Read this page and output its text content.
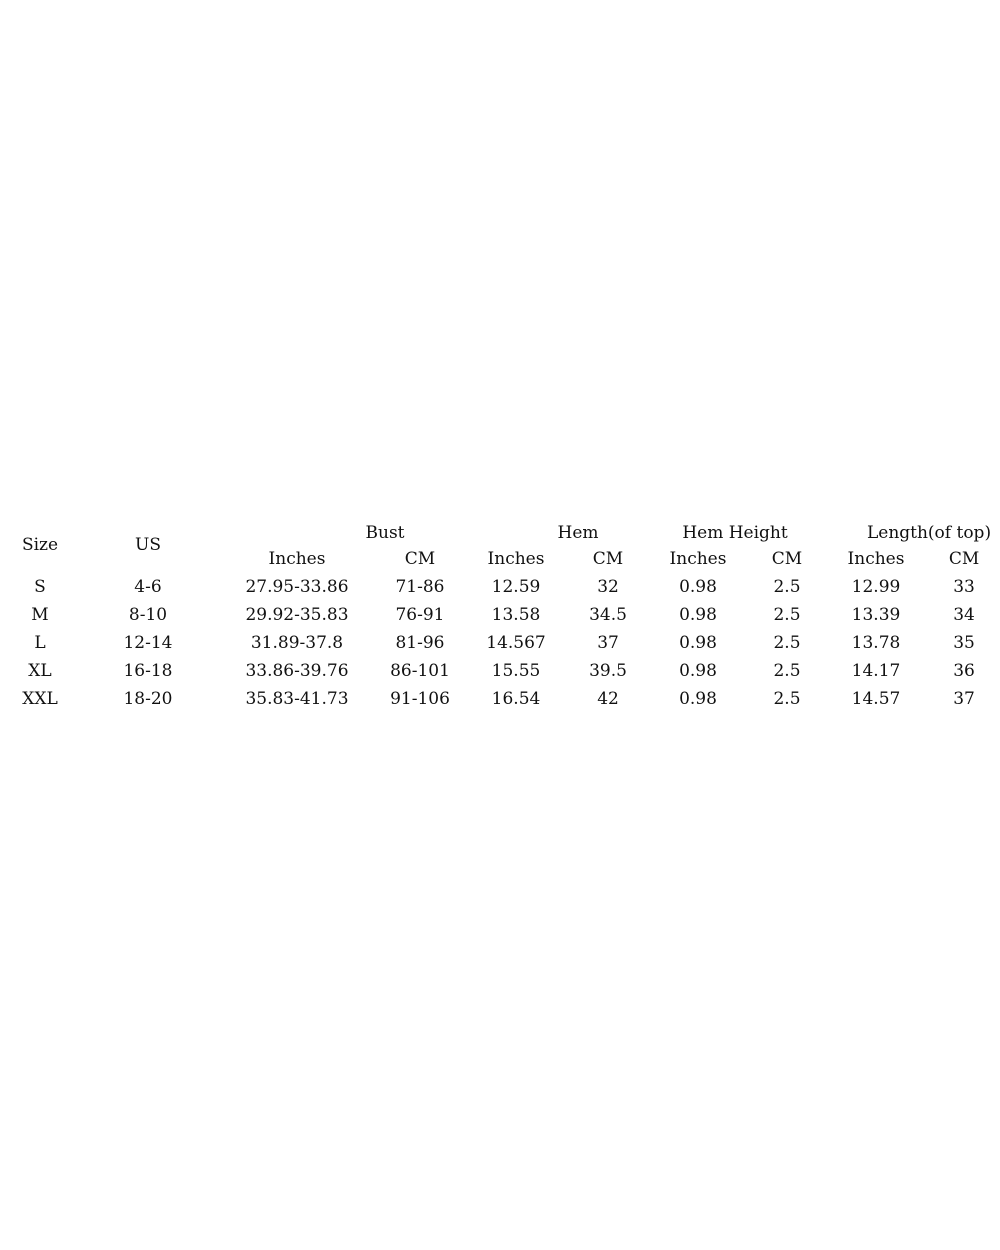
Size	US	Bust		Hem		Hem Height		Length(of top)	
		Inches	CM	Inches	CM	Inches	CM	Inches	CM
S	4-6	27.95-33.86	71-86	12.59	32	0.98	2.5	12.99	33
M	8-10	29.92-35.83	76-91	13.58	34.5	0.98	2.5	13.39	34
L	12-14	31.89-37.8	81-96	14.567	37	0.98	2.5	13.78	35
XL	16-18	33.86-39.76	86-101	15.55	39.5	0.98	2.5	14.17	36
XXL	18-20	35.83-41.73	91-106	16.54	42	0.98	2.5	14.57	37
